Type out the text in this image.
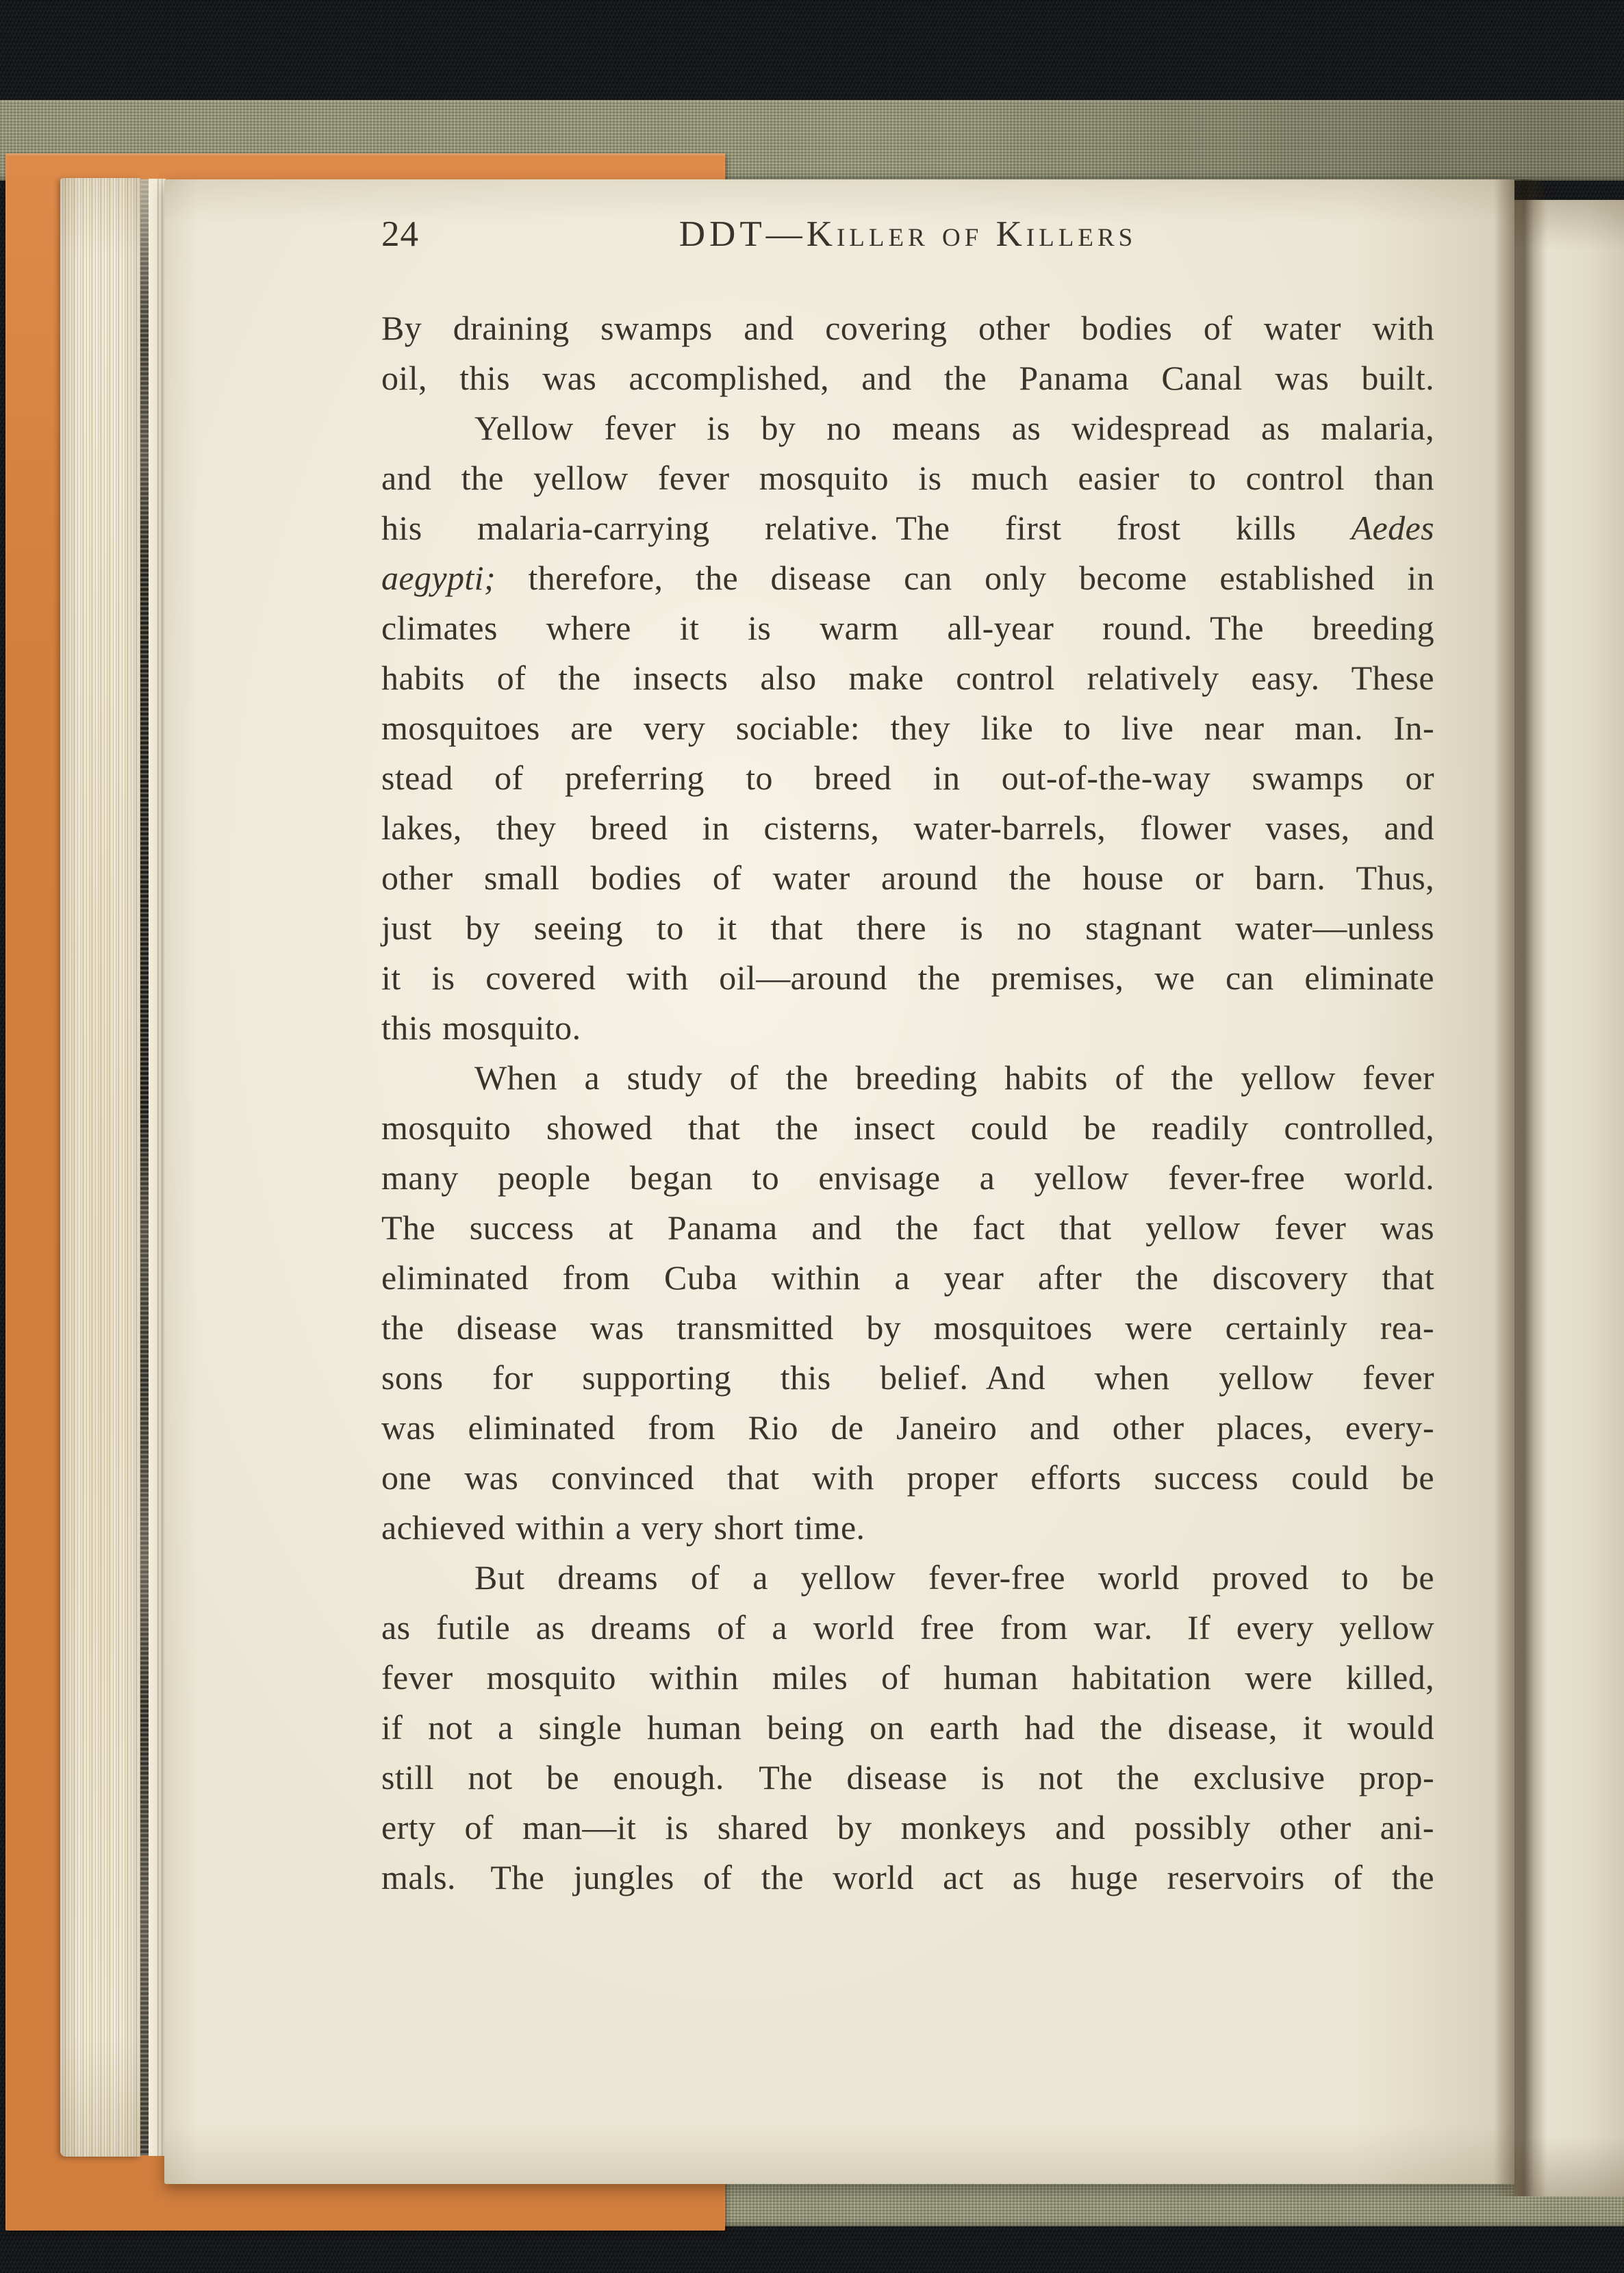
24	DDT—Killer of Killers
By draining swamps and covering other bodies of water with
oil, this was accomplished, and the Panama Canal was built.
Yellow fever is by no means as widespread as malaria,
and the yellow fever mosquito is much easier to control than
his malaria-carrying relative. The first frost kills Aedes
aegypti; therefore, the disease can only become established in
climates where it is warm all-year round. The breeding
habits of the insects also make control relatively easy. These
mosquitoes are very sociable: they like to live near man. In-
stead of preferring to breed in out-of-the-way swamps or
lakes, they breed in cisterns, water-barrels, flower vases, and
other small bodies of water around the house or barn. Thus,
just by seeing to it that there is no stagnant water—unless
it is covered with oil—around the premises, we can eliminate
this mosquito.
When a study of the breeding habits of the yellow fever
mosquito showed that the insect could be readily controlled,
many people began to envisage a yellow fever-free world.
The success at Panama and the fact that yellow fever was
eliminated from Cuba within a year after the discovery that
the disease was transmitted by mosquitoes were certainly rea-
sons for supporting this belief. And when yellow fever
was eliminated from Rio de Janeiro and other places, every-
one was convinced that with proper efforts success could be
achieved within a very short time.
But dreams of a yellow fever-free world proved to be
as futile as dreams of a world free from war. If every yellow
fever mosquito within miles of human habitation were killed,
if not a single human being on earth had the disease, it would
still not be enough. The disease is not the exclusive prop-
erty of man—it is shared by monkeys and possibly other ani-
mals. The jungles of the world act as huge reservoirs of the
